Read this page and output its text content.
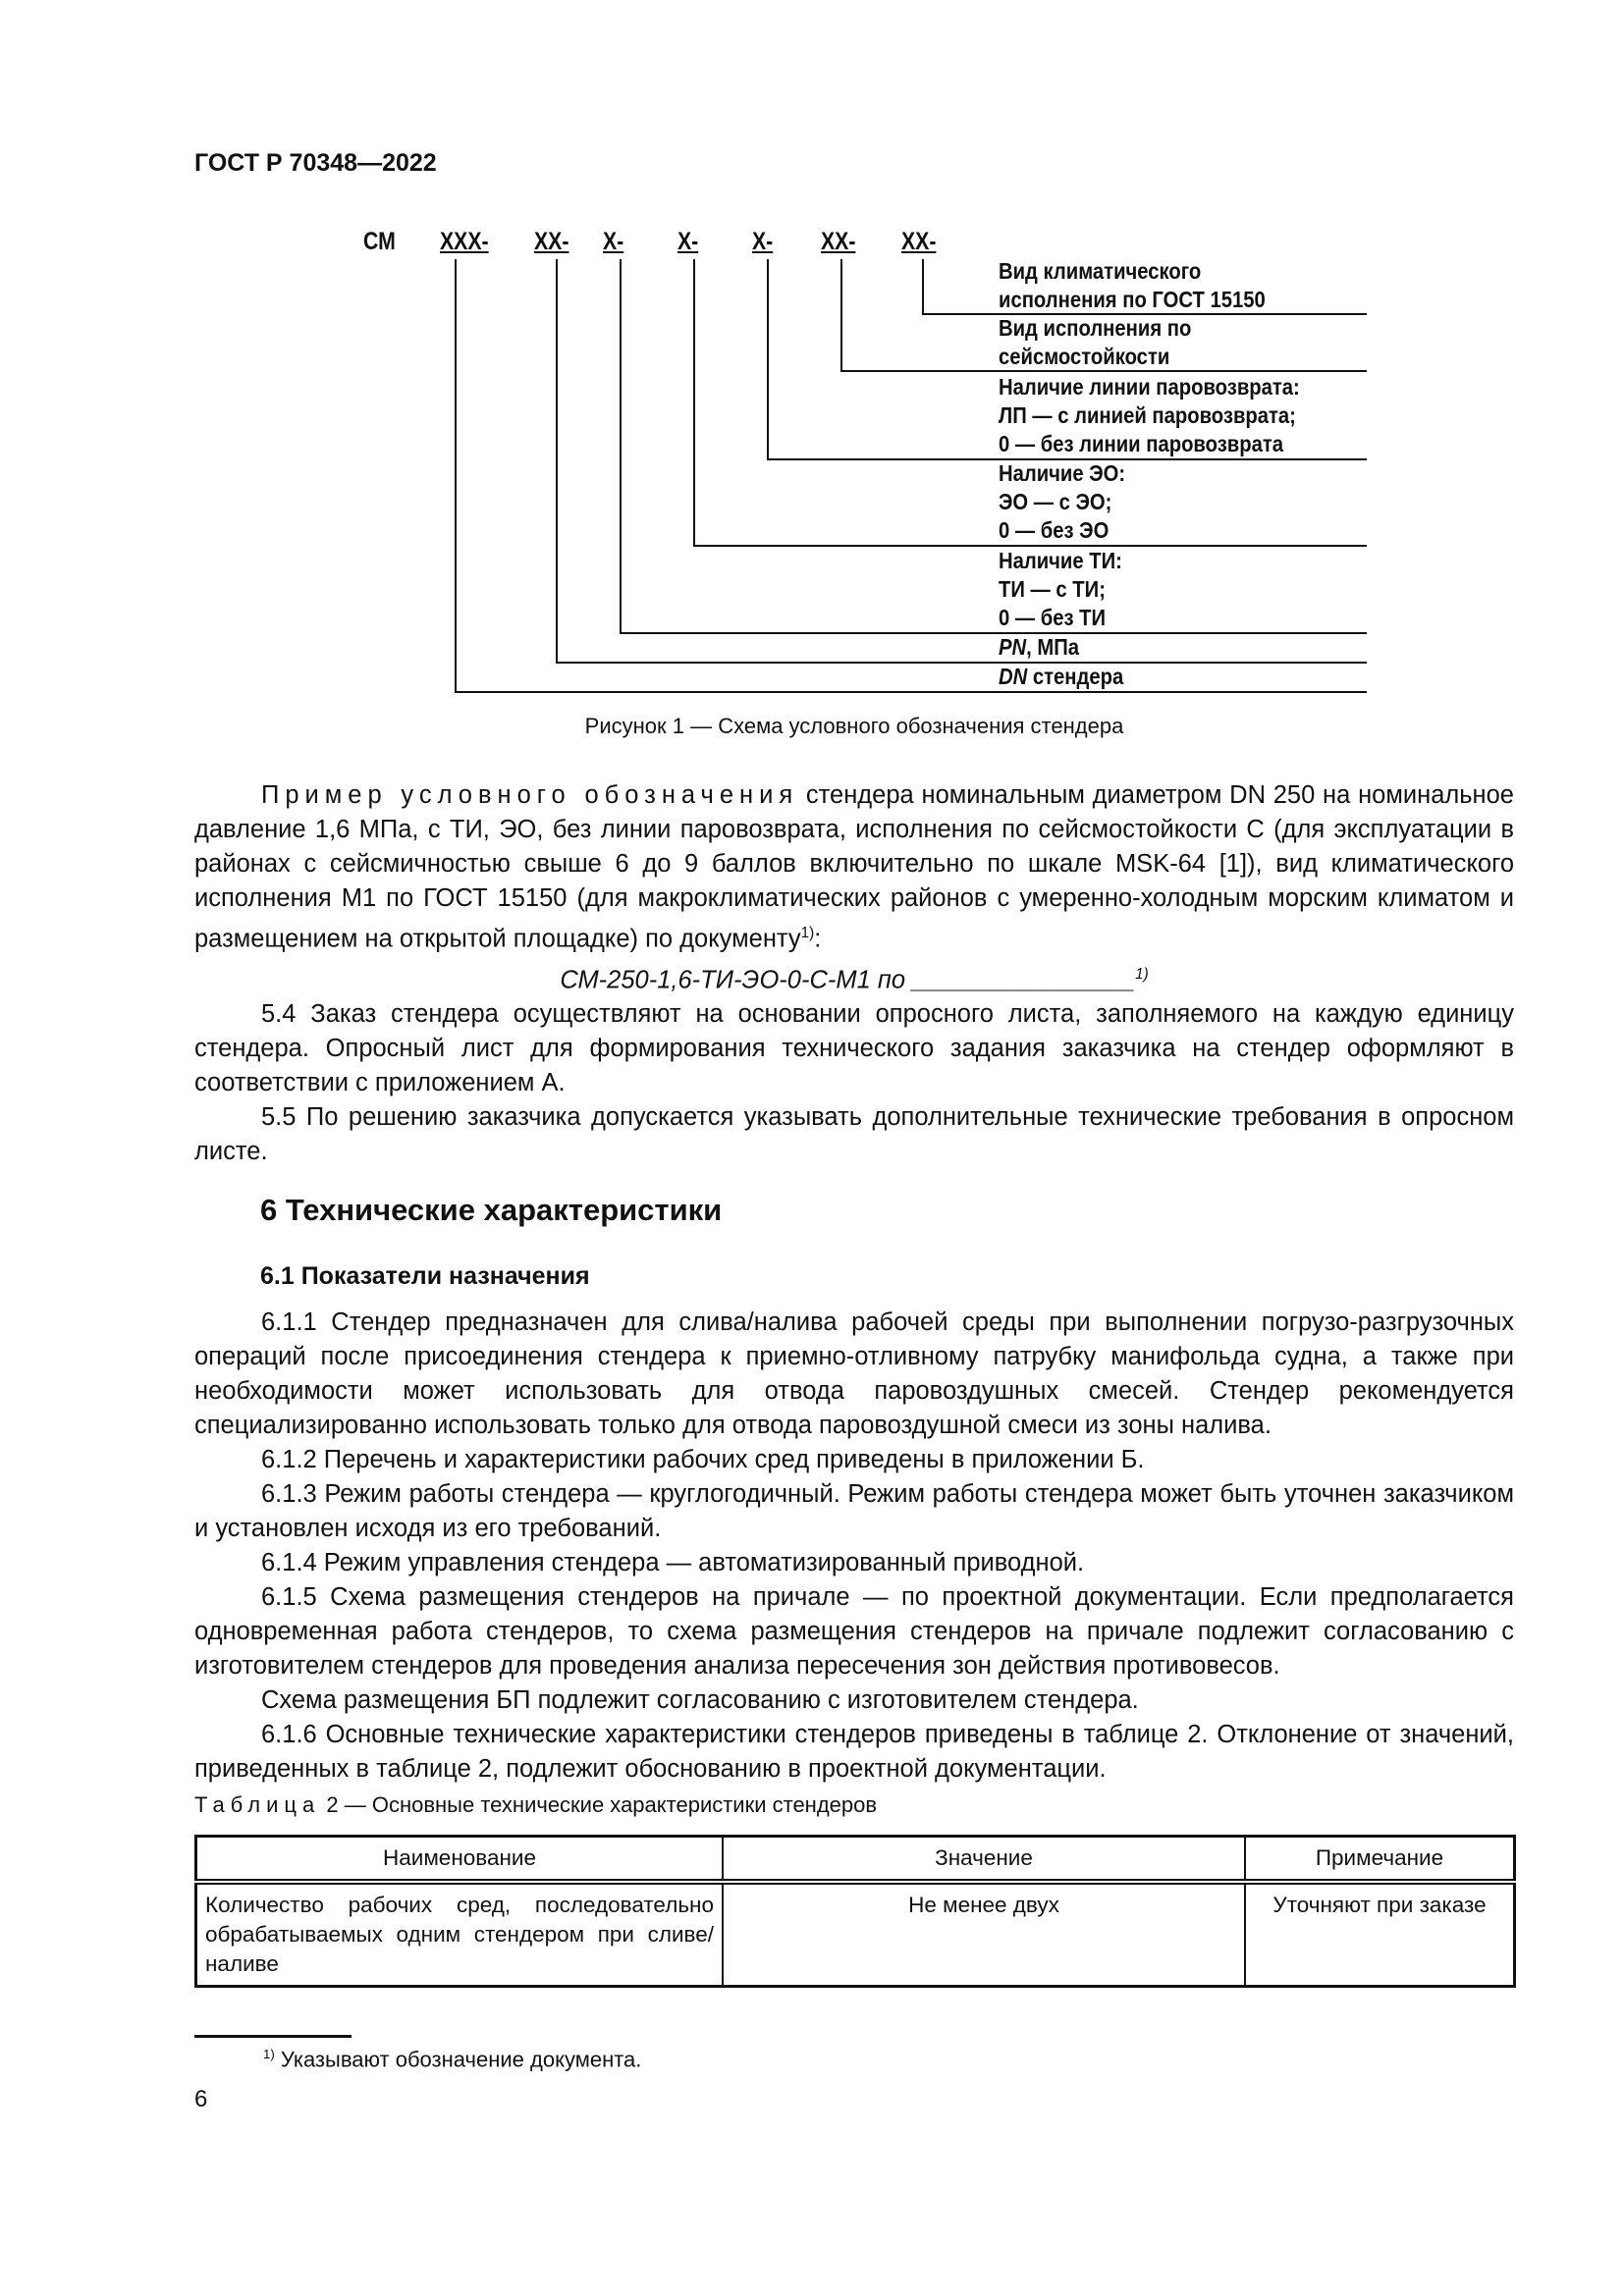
ГОСТ Р 70348—2022
СМ ХХХ- ХХ- Х- Х- Х- ХХ- ХХ-
Вид климатического
исполнения по ГОСТ 15150
Вид исполнения по
сейсмостойкости
Наличие линии паровозврата:
ЛП — с линией паровозврата;
0 — без линии паровозврата
Наличие ЭО:
ЭО — с ЭО;
0 — без ЭО
Наличие ТИ:
ТИ — с ТИ;
0 — без ТИ
PN, МПа
DN стендера
Рисунок 1 — Схема условного обозначения стендера

Пример условного обозначения стендера номинальным диаметром DN 250 на номинальное давление 1,6 МПа, с ТИ, ЭО, без линии паровозврата, исполнения по сейсмостойкости С (для эксплуатации в районах с сейсмичностью свыше 6 до 9 баллов включительно по шкале MSK-64 [1]), вид климатического исполнения М1 по ГОСТ 15150 (для макроклиматических районов с умеренно-холодным морским климатом и размещением на открытой площадке) по документу$^{1)}$:

СМ-250-1,6-ТИ-ЭО-0-С-М1 по ________________$^{1)}$

5.4 Заказ стендера осуществляют на основании опросного листа, заполняемого на каждую единицу стендера. Опросный лист для формирования технического задания заказчика на стендер оформляют в соответствии с приложением А.

5.5 По решению заказчика допускается указывать дополнительные технические требования в опросном листе.

6 Технические характеристики
6.1 Показатели назначения

6.1.1 Стендер предназначен для слива/налива рабочей среды при выполнении погрузо-разгрузочных операций после присоединения стендера к приемно-отливному патрубку манифольда судна, а также при необходимости может использовать для отвода паровоздушных смесей. Стендер рекомендуется специализированно использовать только для отвода паровоздушной смеси из зоны налива.

6.1.2 Перечень и характеристики рабочих сред приведены в приложении Б.

6.1.3 Режим работы стендера — круглогодичный. Режим работы стендера может быть уточнен заказчиком и установлен исходя из его требований.

6.1.4 Режим управления стендера — автоматизированный приводной.

6.1.5 Схема размещения стендеров на причале — по проектной документации. Если предполагается одновременная работа стендеров, то схема размещения стендеров на причале подлежит согласованию с изготовителем стендеров для проведения анализа пересечения зон действия противовесов.

Схема размещения БП подлежит согласованию с изготовителем стендера.

6.1.6 Основные технические характеристики стендеров приведены в таблице 2. Отклонение от значений, приведенных в таблице 2, подлежит обоснованию в проектной документации.

Таблица 2 — Основные технические характеристики стендеров
Наименование	Значение	Примечание
Количество рабочих сред, последовательно обрабатываемых одним стендером при сливе/наливе	Не менее двух	Уточняют при заказе
$^{1)}$ Указывают обозначение документа.
6
